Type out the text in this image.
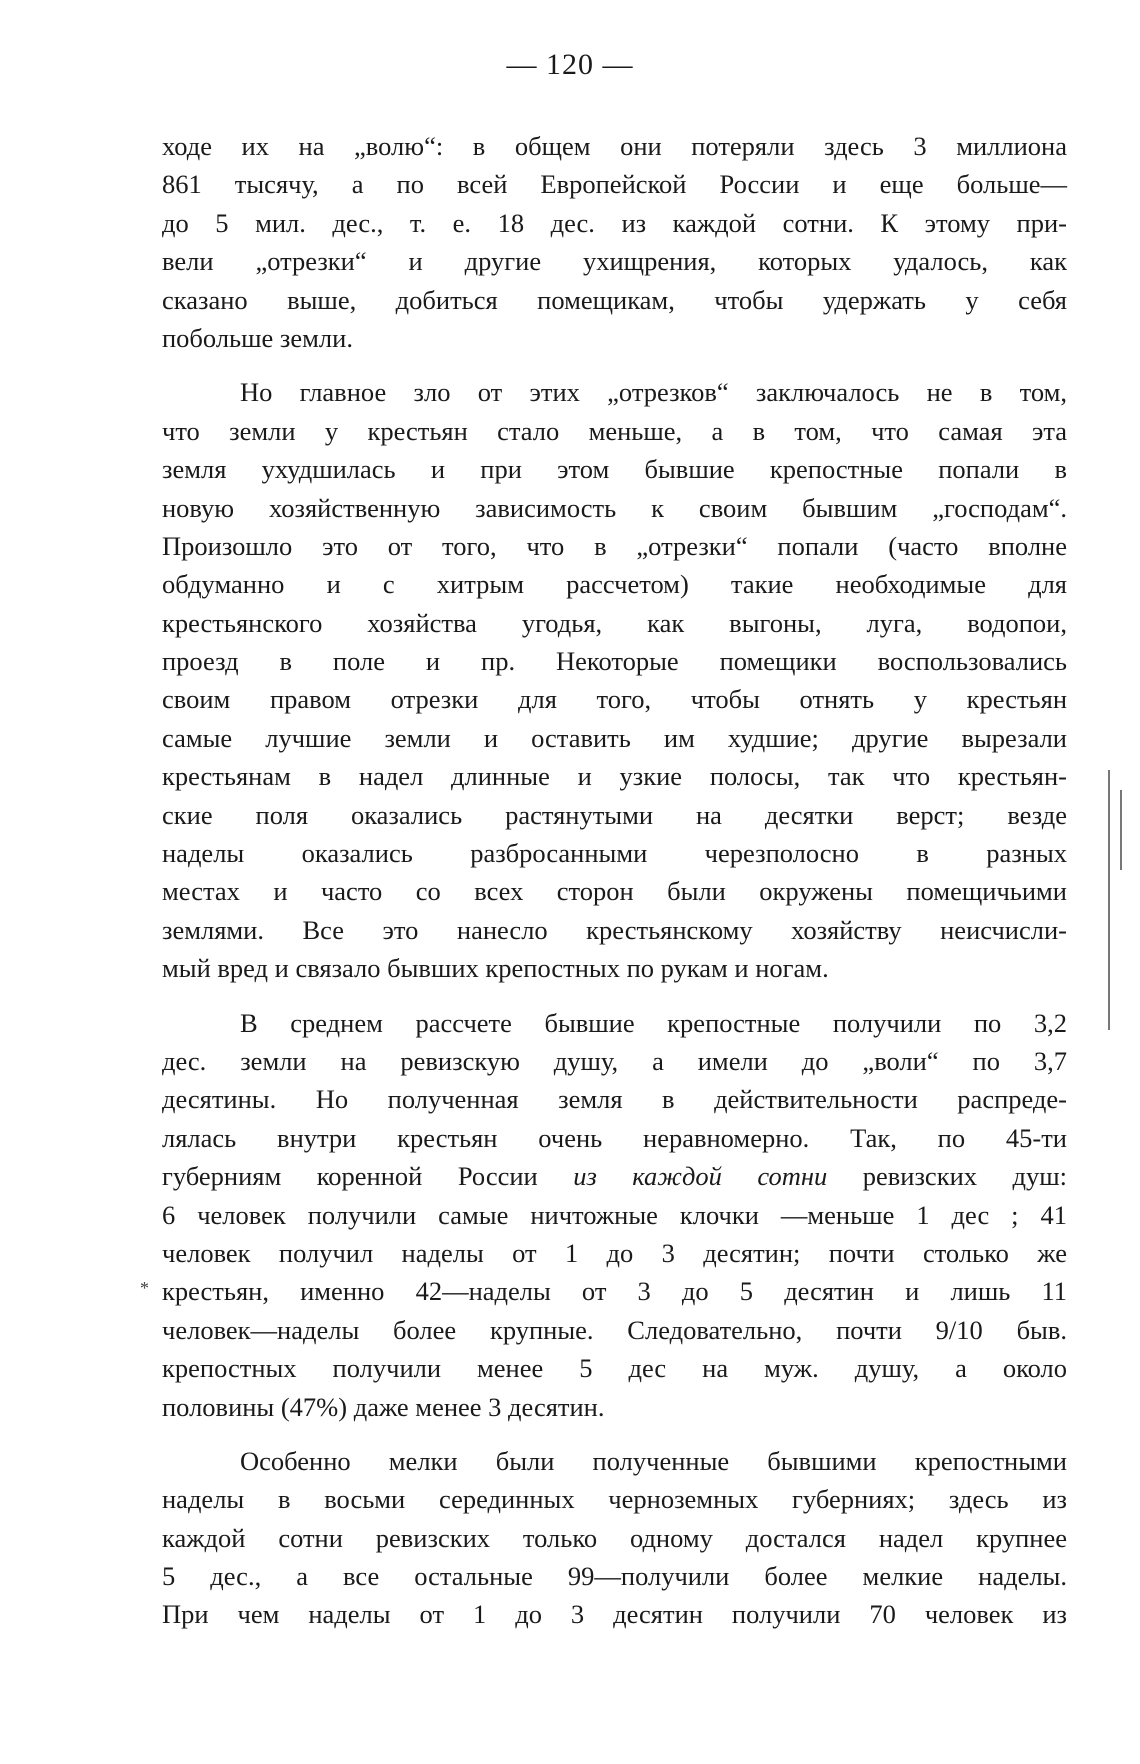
— 120 —
ходе их на „волю“: в общем они потеряли здесь 3 миллиона
861 тысячу, а по всей Европейской России и еще больше—
до 5 мил. дес., т. е. 18 дес. из каждой сотни. К этому при-
вели „отрезки“ и другие ухищрения, которых удалось, как
сказано выше, добиться помещикам, чтобы удержать у себя
побольше земли.
Но главное зло от этих „отрезков“ заключалось не в том,
что земли у крестьян стало меньше, а в том, что самая эта
земля ухудшилась и при этом бывшие крепостные попали в
новую хозяйственную зависимость к своим бывшим „господам“.
Произошло это от того, что в „отрезки“ попали (часто вполне
обдуманно и с хитрым рассчетом) такие необходимые для
крестьянского хозяйства угодья, как выгоны, луга, водопои,
проезд в поле и пр. Некоторые помещики воспользовались
своим правом отрезки для того, чтобы отнять у крестьян
самые лучшие земли и оставить им худшие; другие вырезали
крестьянам в надел длинные и узкие полосы, так что крестьян-
ские поля оказались растянутыми на десятки верст; везде
наделы оказались разбросанными черезполосно в разных
местах и часто со всех сторон были окружены помещичьими
землями. Все это нанесло крестьянскому хозяйству неисчисли-
мый вред и связало бывших крепостных по рукам и ногам.
В среднем рассчете бывшие крепостные получили по 3,2
дес. земли на ревизскую душу, а имели до „воли“ по 3,7
десятины. Но полученная земля в действительности распреде-
лялась внутри крестьян очень неравномерно. Так, по 45-ти
губерниям коренной России из каждой сотни ревизских душ:
6 человек получили самые ничтожные клочки —меньше 1 дес ; 41
человек получил наделы от 1 до 3 десятин; почти столько же
крестьян, именно 42—наделы от 3 до 5 десятин и лишь 11
человек—наделы более крупные. Следовательно, почти 9/10 быв.
крепостных получили менее 5 дес на муж. душу, а около
половины (47%) даже менее 3 десятин.
Особенно мелки были полученные бывшими крепостными
наделы в восьми серединных черноземных губерниях; здесь из
каждой сотни ревизских только одному достался надел крупнее
5 дес., а все остальные 99—получили более мелкие наделы.
При чем наделы от 1 до 3 десятин получили 70 человек из
*
